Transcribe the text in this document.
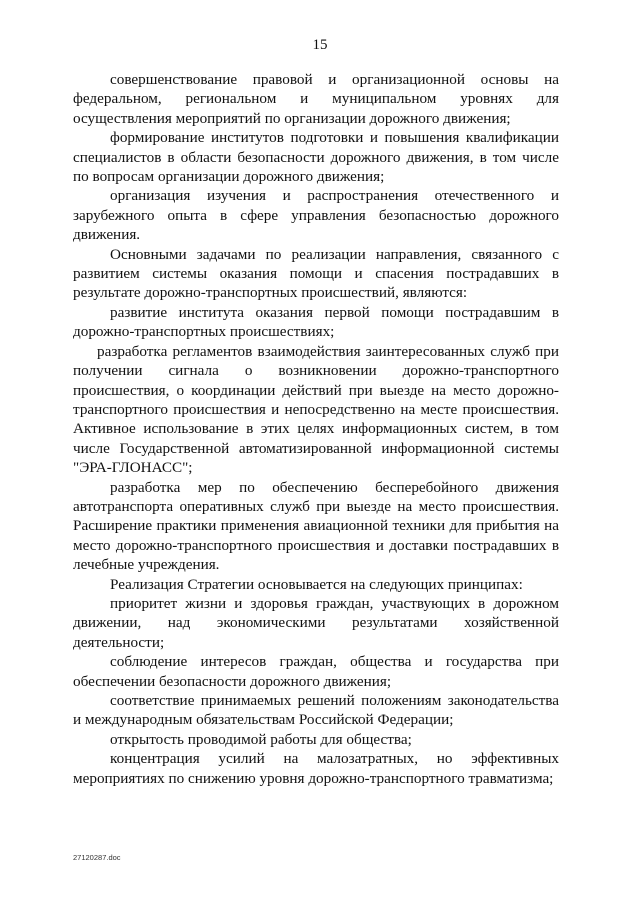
15

совершенствование правовой и организационной основы на федеральном, региональном и муниципальном уровнях для осуществления мероприятий по организации дорожного движения;

формирование институтов подготовки и повышения квалификации специалистов в области безопасности дорожного движения, в том числе по вопросам организации дорожного движения;

организация изучения и распространения отечественного и зарубежного опыта в сфере управления безопасностью дорожного движения.

Основными задачами по реализации направления, связанного с развитием системы оказания помощи и спасения пострадавших в результате дорожно-транспортных происшествий, являются:

развитие института оказания первой помощи пострадавшим в дорожно-транспортных происшествиях;

разработка регламентов взаимодействия заинтересованных служб при получении сигнала о возникновении дорожно-транспортного происшествия, о координации действий при выезде на место дорожно-транспортного происшествия и непосредственно на месте происшествия. Активное использование в этих целях информационных систем, в том числе Государственной автоматизированной информационной системы "ЭРА-ГЛОНАСС";

разработка мер по обеспечению бесперебойного движения автотранспорта оперативных служб при выезде на место происшествия. Расширение практики применения авиационной техники для прибытия на место дорожно-транспортного происшествия и доставки пострадавших в лечебные учреждения.

Реализация Стратегии основывается на следующих принципах:

приоритет жизни и здоровья граждан, участвующих в дорожном движении, над экономическими результатами хозяйственной деятельности;

соблюдение интересов граждан, общества и государства при обеспечении безопасности дорожного движения;

соответствие принимаемых решений положениям законодательства и международным обязательствам Российской Федерации;

открытость проводимой работы для общества;

концентрация усилий на малозатратных, но эффективных мероприятиях по снижению уровня дорожно-транспортного травматизма;

27120287.doc
